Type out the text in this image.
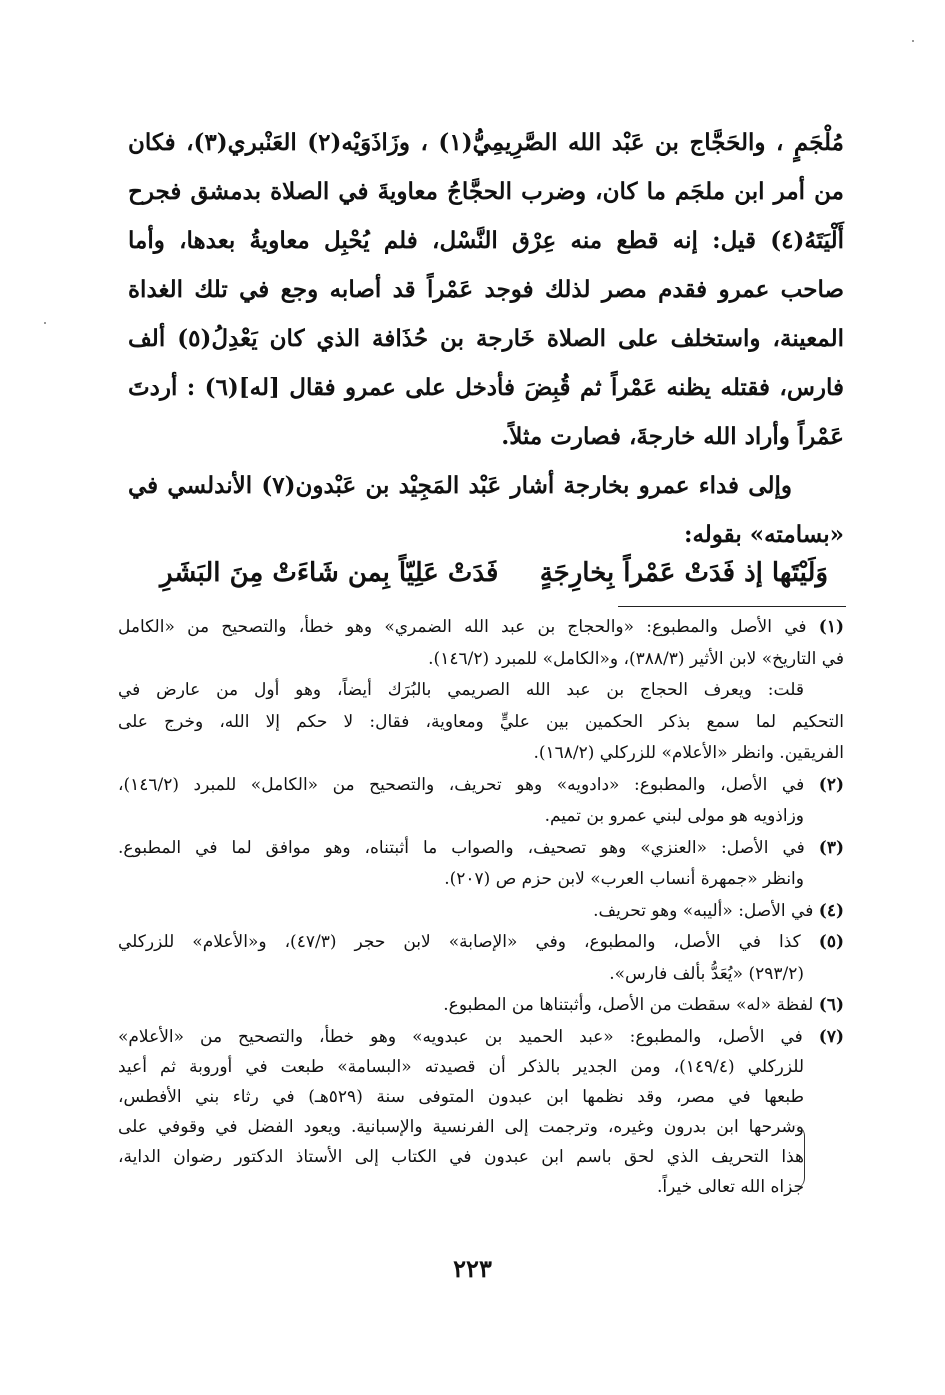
مُلْجَمٍ ، والحَجَّاج بن عَبْد الله الصَّرِيمِيُّ(١) ، وزَاذَوَيْه(٢) العَنْبري(٣)، فكان
من أمر ابن ملجَم ما كان، وضرب الحجَّاجُ معاويةَ في الصلاة بدمشق فجرح
أَلْيَتَهُ(٤) قيل: إنه قطع منه عِرْق النَّسْل، فلم يُحْبِل معاويةُ بعدها، وأما
صاحب عمرو فقدم مصر لذلك فوجد عَمْراً قد أصابه وجع في تلك الغداة
المعينة، واستخلف على الصلاة خَارجة بن حُذَافة الذي كان يَعْدِلُ(٥) ألف
فارس، فقتله يظنه عَمْراً ثم قُبِضَ فأدخل على عمرو فقال [له](٦) : أردتَ
عَمْراً وأراد الله خارجةَ، فصارت مثلاً.
وإلى فداء عمرو بخارجة أشار عَبْد المَجِيْد بن عَبْدون(٧) الأندلسي في
«بسامته» بقوله:
وَلَيْتَها إذ فَدَتْ عَمْراً بِخارِجَةٍ
فَدَتْ عَلِيّاً بِمن شَاءَتْ مِنَ البَشَرِ
(١) في الأصل والمطبوع: «والحجاج بن عبد الله الضمري» وهو خطأ، والتصحيح من «الكامل
في التاريخ» لابن الأثير (٣٨٨/٣)، و«الكامل» للمبرد (١٤٦/٢).
قلت: ويعرف الحجاج بن عبد الله الصريمي بالبُرَك أيضاً، وهو أول من عارض في
التحكيم لما سمع بذكر الحكمين بين عليٍّ ومعاوية، فقال: لا حكم إلا الله، وخرج على
الفريقين. وانظر «الأعلام» للزركلي (١٦٨/٢).
(٢) في الأصل، والمطبوع: «دادويه» وهو تحريف، والتصحيح من «الكامل» للمبرد (١٤٦/٢)،
وزاذويه هو مولى لبني عمرو بن تميم.
(٣) في الأصل: «العنزي» وهو تصحيف، والصواب ما أثبتناه، وهو موافق لما في المطبوع.
وانظر «جمهرة أنساب العرب» لابن حزم ص (٢٠٧).
(٤) في الأصل: «أليبه» وهو تحريف.
(٥) كذا في الأصل، والمطبوع، وفي «الإصابة» لابن حجر (٤٧/٣)، و«الأعلام» للزركلي
(٢٩٣/٢) «يُعَدُّ بألف فارس».
(٦) لفظة «له» سقطت من الأصل، وأثبتناها من المطبوع.
(٧) في الأصل، والمطبوع: «عبد الحميد بن عبدويه» وهو خطأ، والتصحيح من «الأعلام»
للزركلي (١٤٩/٤)، ومن الجدير بالذكر أن قصيدته «البسامة» طبعت في أوروبة ثم أعيد
طبعها في مصر، وقد نظمها ابن عبدون المتوفى سنة (٥٢٩هـ) في رثاء بني الأفطس،
وشرحها ابن بدرون وغيره، وترجمت إلى الفرنسية والإسبانية. ويعود الفضل في وقوفي على
هذا التحريف الذي لحق باسم ابن عبدون في الكتاب إلى الأستاذ الدكتور رضوان الداية،
جزاه الله تعالى خيراً.
٢٢٣
